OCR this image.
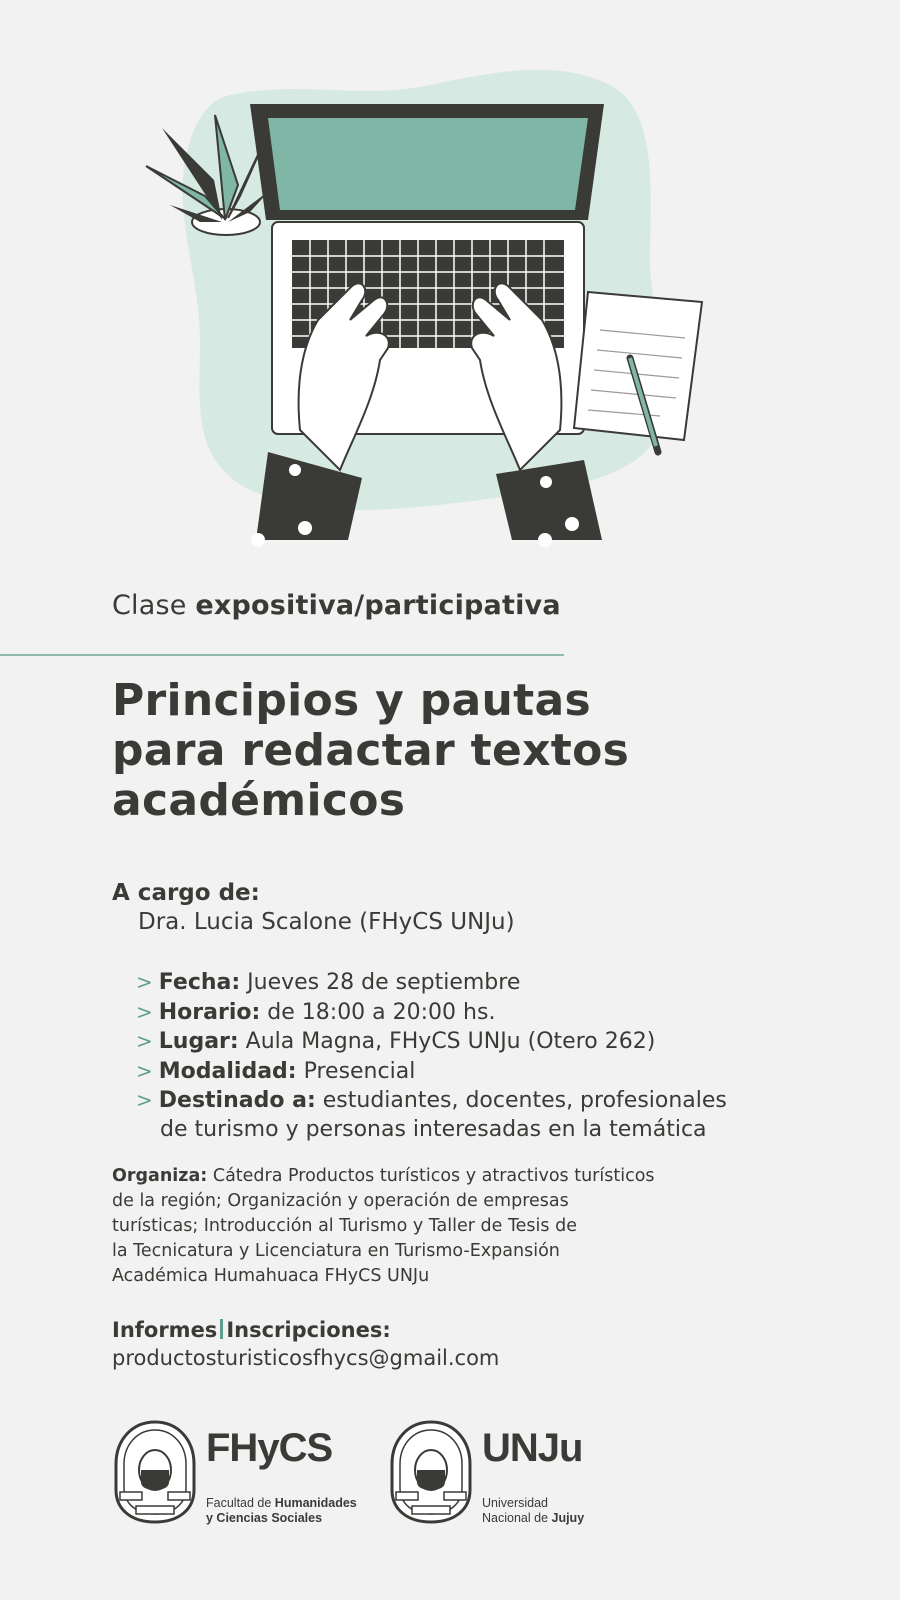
Clase expositiva/participativa
Principios y pautas
para redactar textos
académicos
A cargo de:
Dra. Lucia Scalone (FHyCS UNJu)
> Fecha: Jueves 28 de septiembre
> Horario: de 18:00 a 20:00 hs.
> Lugar: Aula Magna, FHyCS UNJu (Otero 262)
> Modalidad: Presencial
> Destinado a: estudiantes, docentes, profesionales
de turismo y personas interesadas en la temática
Organiza: Cátedra Productos turísticos y atractivos turísticos
de la región; Organización y operación de empresas
turísticas; Introducción al Turismo y Taller de Tesis de
la Tecnicatura y Licenciatura en Turismo-Expansión
Académica Humahuaca FHyCS UNJu
Informes Inscripciones:
productosturisticosfhycs@gmail.com
FHyCS
Facultad de Humanidades
y Ciencias Sociales
UNJu
Universidad
Nacional de Jujuy
